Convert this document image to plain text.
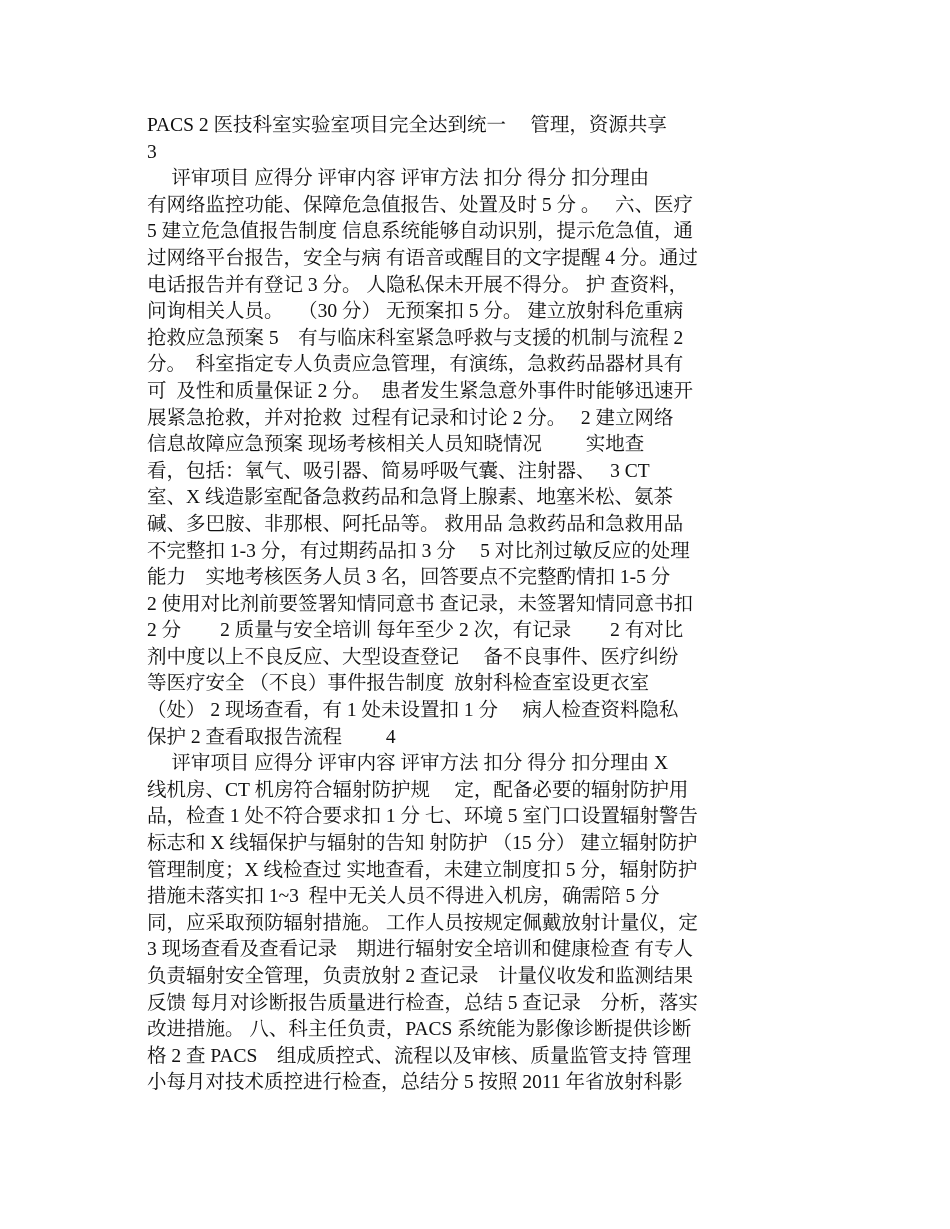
PACS 2 医技科室实验室项目完全达到统一　 管理，资源共享
3
　 评审项目 应得分 评审内容 评审方法 扣分 得分 扣分理由
有网络监控功能、保障危急值报告、处置及时 5 分 。　 六、医疗
5 建立危急值报告制度 信息系统能够自动识别，提示危急值，通
过网络平台报告，安全与病 有语音或醒目的文字提醒 4 分。通过
电话报告并有登记 3 分。 人隐私保未开展不得分。 护 查资料，
问询相关人员。　 （30 分） 无预案扣 5 分。 建立放射科危重病
抢救应急预案 5　有与临床科室紧急呼救与支援的机制与流程 2
分。　科室指定专人负责应急管理，有演练，急救药品器材具有
可  及性和质量保证 2 分。　患者发生紧急意外事件时能够迅速开
展紧急抢救，并对抢救  过程有记录和讨论 2 分。　 2 建立网络
信息故障应急预案 现场考核相关人员知晓情况　　 实地查
看，包括：氧气、吸引器、简易呼吸气囊、注射器、　 3 CT
室、X 线造影室配备急救药品和急肾上腺素、地塞米松、氨茶
碱、多巴胺、非那根、阿托品等。 救用品 急救药品和急救用品
不完整扣 1-3 分，有过期药品扣 3 分　 5 对比剂过敏反应的处理
能力　实地考核医务人员 3 名，回答要点不完整酌情扣 1-5 分
2 使用对比剂前要签署知情同意书 查记录，未签署知情同意书扣
2 分　　2 质量与安全培训 每年至少 2 次，有记录　　2 有对比
剂中度以上不良反应、大型设查登记　 备不良事件、医疗纠纷
等医疗安全 （不良）事件报告制度  放射科检查室设更衣室
（处） 2 现场查看，有 1 处未设置扣 1 分　 病人检查资料隐私
保护 2 查看取报告流程　　 4
　 评审项目 应得分 评审内容 评审方法 扣分 得分 扣分理由 X
线机房、CT 机房符合辐射防护规　 定，配备必要的辐射防护用
品，检查 1 处不符合要求扣 1 分 七、环境 5 室门口设置辐射警告
标志和 X 线辐保护与辐射的告知 射防护 （15 分） 建立辐射防护
管理制度；X 线检查过 实地查看，未建立制度扣 5 分，辐射防护
措施未落实扣 1~3  程中无关人员不得进入机房，确需陪 5 分
同，应采取预防辐射措施。 工作人员按规定佩戴放射计量仪，定
3 现场查看及查看记录　期进行辐射安全培训和健康检查 有专人
负责辐射安全管理，负责放射 2 查记录　计量仪收发和监测结果
反馈 每月对诊断报告质量进行检查，总结 5 查记录　分析，落实
改进措施。 八、科主任负责，PACS 系统能为影像诊断提供诊断
格 2 查 PACS　组成质控式、流程以及审核、质量监管支持 管理
小每月对技术质控进行检查，总结分 5 按照 2011 年省放射科影
